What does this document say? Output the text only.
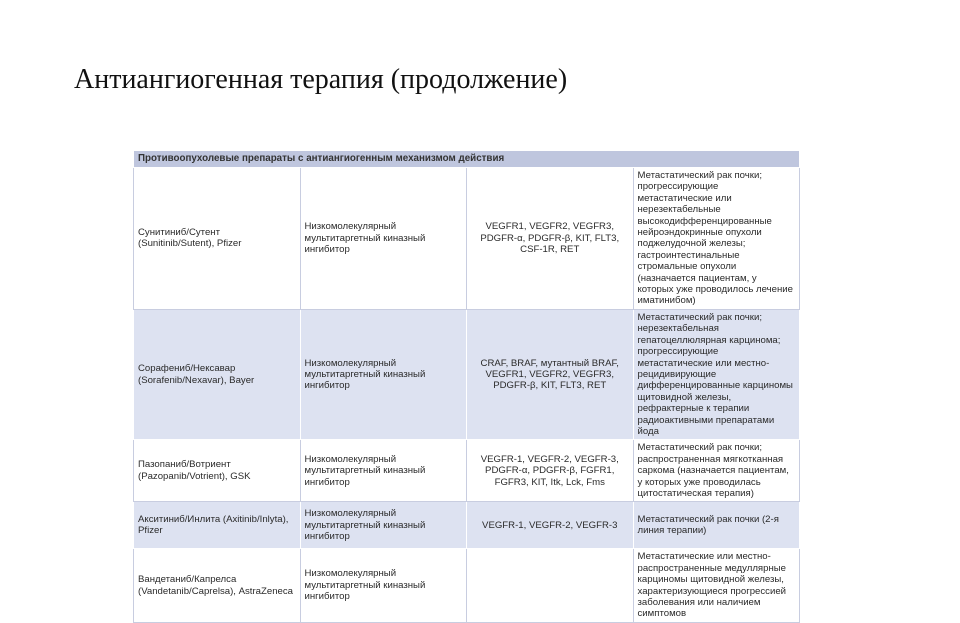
Антиангиогенная терапия (продолжение)
Противоопухолевые препараты с антиангиогенным механизмом действия			
Сунитиниб/Сутент (Sunitinib/Sutent), Pfizer	Низкомолекулярный мультитаргетный киназный ингибитор	VEGFR1, VEGFR2, VEGFR3, PDGFR-α, PDGFR-β, KIT, FLT3, CSF-1R, RET	Метастатический рак почки; прогрессирующие метастатические или нерезектабельные высокодифференцированные нейроэндокринные опухоли поджелудочной железы; гастроинтестинальные стромальные опухоли (назначается пациентам, у которых уже проводилось лечение иматинибом)
Сорафениб/Нексавар (Sorafenib/Nexavar), Bayer	Низкомолекулярный мультитаргетный киназный ингибитор	CRAF, BRAF, мутантный BRAF, VEGFR1, VEGFR2, VEGFR3, PDGFR-β, KIT, FLT3, RET	Метастатический рак почки; нерезектабельная гепатоцеллюлярная карцинома; прогрессирующие метастатические или местно-рецидивирующие дифференцированные карциномы щитовидной железы, рефрактерные к терапии радиоактивными препаратами йода
Пазопаниб/Вотриент (Pazopanib/Votrient), GSK	Низкомолекулярный мультитаргетный киназный ингибитор	VEGFR-1, VEGFR-2, VEGFR-3, PDGFR-α, PDGFR-β, FGFR1, FGFR3, KIT, Itk, Lck, Fms	Метастатический рак почки; распространенная мягкотканная саркома (назначается пациентам, у которых уже проводилась цитостатическая терапия)
Акситиниб/Инлита (Axitinib/Inlyta), Pfizer	Низкомолекулярный мультитаргетный киназный ингибитор	VEGFR-1, VEGFR-2, VEGFR-3	Метастатический рак почки (2-я линия терапии)
Вандетаниб/Капрелса (Vandetanib/Caprelsa), AstraZeneca	Низкомолекулярный мультитаргетный киназный ингибитор		Метастатические или местно-распространенные медуллярные карциномы щитовидной железы, характеризующиеся прогрессией заболевания или наличием симптомов
